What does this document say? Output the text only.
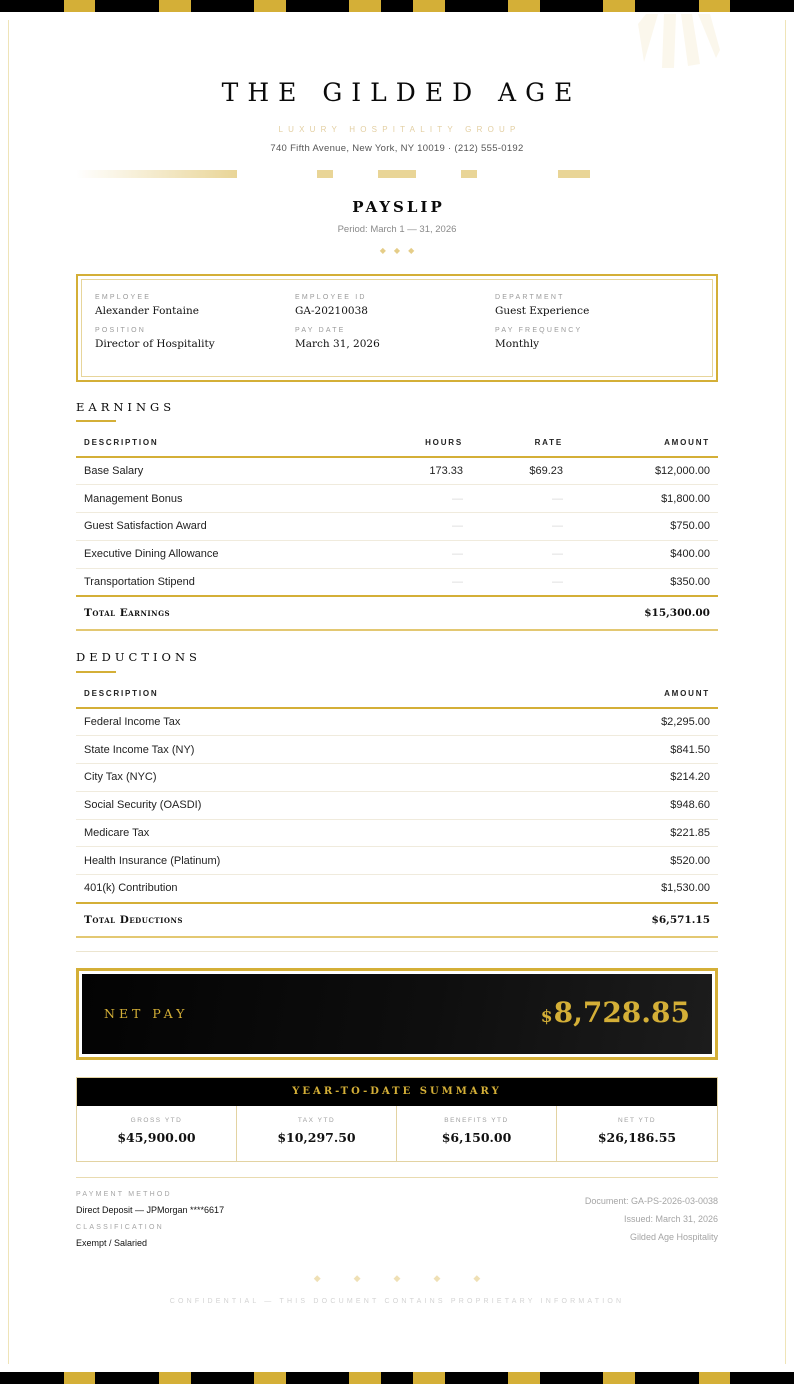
THE GILDED AGE
LUXURY HOSPITALITY GROUP
740 Fifth Avenue, New York, NY 10019 · (212) 555-0192
PAYSLIP
Period: March 1 — 31, 2026
◆◆◆
EMPLOYEE
Alexander Fontaine
EMPLOYEE ID
GA-20210038
DEPARTMENT
Guest Experience
POSITION
Director of Hospitality
PAY DATE
March 31, 2026
PAY FREQUENCY
Monthly
EARNINGS
DESCRIPTION	HOURS	RATE	AMOUNT
Base Salary	173.33	$69.23	$12,000.00
Management Bonus	—	—	$1,800.00
Guest Satisfaction Award	—	—	$750.00
Executive Dining Allowance	—	—	$400.00
Transportation Stipend	—	—	$350.00
Total Earnings			$15,300.00
DEDUCTIONS
DESCRIPTION	AMOUNT
Federal Income Tax	$2,295.00
State Income Tax (NY)	$841.50
City Tax (NYC)	$214.20
Social Security (OASDI)	$948.60
Medicare Tax	$221.85
Health Insurance (Platinum)	$520.00
401(k) Contribution	$1,530.00
Total Deductions	$6,571.15
NET PAY	$8,728.85
YEAR-TO-DATE SUMMARY
GROSS YTD
$45,900.00
TAX YTD
$10,297.50
BENEFITS YTD
$6,150.00
NET YTD
$26,186.55
PAYMENT METHOD
Direct Deposit — JPMorgan ****6617
CLASSIFICATION
Exempt / Salaried
Document: GA-PS-2026-03-0038
Issued: March 31, 2026
Gilded Age Hospitality
◆◆◆◆◆
CONFIDENTIAL — THIS DOCUMENT CONTAINS PROPRIETARY INFORMATION
